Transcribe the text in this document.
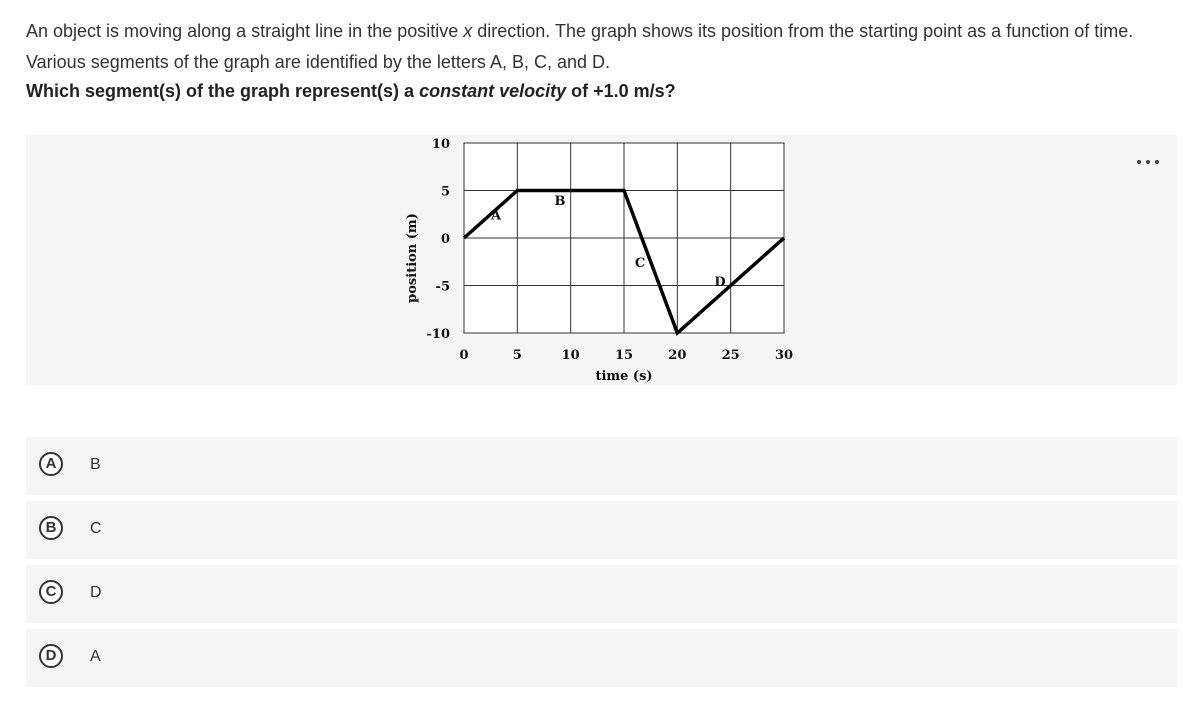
An object is moving along a straight line in the positive x direction. The graph shows its position from the starting point as a function of time. Various segments of the graph are identified by the letters A, B, C, and D.
Which segment(s) of the graph represent(s) a constant velocity of +1.0 m/s?
10
5
0
-5
-10
0	5	10	15	20	25	30
time (s)
position (m)	A
B
C
D
A	B
B	C
C	D
D	A
